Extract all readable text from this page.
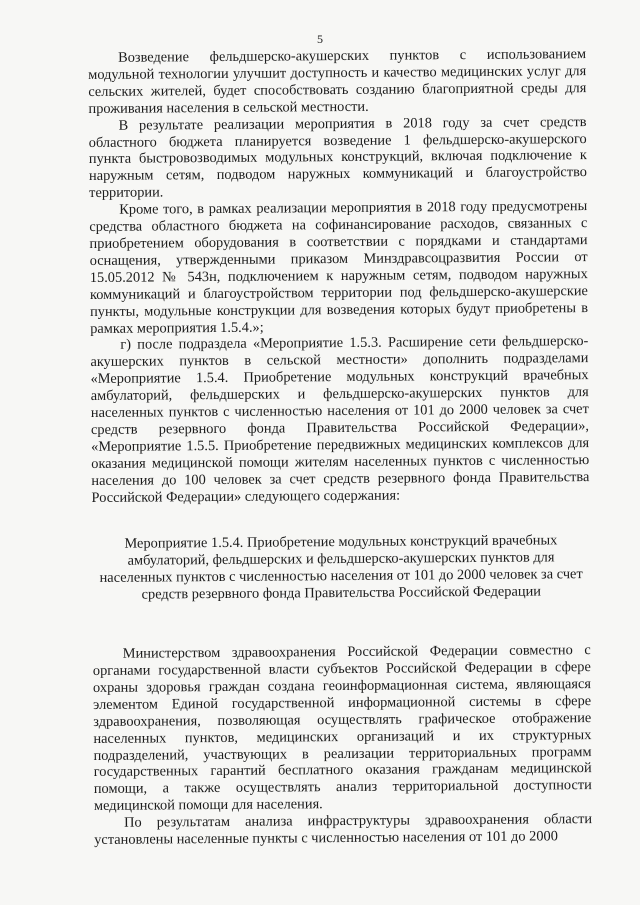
5

Возведение фельдшерско-акушерских пунктов с использованием модульной технологии улучшит доступность и качество медицинских услуг для сельских жителей, будет способствовать созданию благоприятной среды для проживания населения в сельской местности.

В результате реализации мероприятия в 2018 году за счет средств областного бюджета планируется возведение 1 фельдшерско-акушерского пункта быстровозводимых модульных конструкций, включая подключение к наружным сетям, подводом наружных коммуникаций и благоустройство территории.

Кроме того, в рамках реализации мероприятия в 2018 году предусмотрены средства областного бюджета на софинансирование расходов, связанных с приобретением оборудования в соответствии с порядками и стандартами оснащения, утвержденными приказом Минздравсоцразвития России от 15.05.2012 № 543н, подключением к наружным сетям, подводом наружных коммуникаций и благоустройством территории под фельдшерско-акушерские пункты, модульные конструкции для возведения которых будут приобретены в рамках мероприятия 1.5.4.»;

г) после подраздела «Мероприятие 1.5.3. Расширение сети фельдшерско-акушерских пунктов в сельской местности» дополнить подразделами «Мероприятие 1.5.4. Приобретение модульных конструкций врачебных амбулаторий, фельдшерских и фельдшерско-акушерских пунктов для населенных пунктов с численностью населения от 101 до 2000 человек за счет средств резервного фонда Правительства Российской Федерации», «Мероприятие 1.5.5. Приобретение передвижных медицинских комплексов для оказания медицинской помощи жителям населенных пунктов с численностью населения до 100 человек за счет средств резервного фонда Правительства Российской Федерации» следующего содержания:

Мероприятие 1.5.4. Приобретение модульных конструкций врачебных амбулаторий, фельдшерских и фельдшерско-акушерских пунктов для населенных пунктов с численностью населения от 101 до 2000 человек за счет средств резервного фонда Правительства Российской Федерации

Министерством здравоохранения Российской Федерации совместно с органами государственной власти субъектов Российской Федерации в сфере охраны здоровья граждан создана геоинформационная система, являющаяся элементом Единой государственной информационной системы в сфере здравоохранения, позволяющая осуществлять графическое отображение населенных пунктов, медицинских организаций и их структурных подразделений, участвующих в реализации территориальных программ государственных гарантий бесплатного оказания гражданам медицинской помощи, а также осуществлять анализ территориальной доступности медицинской помощи для населения.

По результатам анализа инфраструктуры здравоохранения области установлены населенные пункты с численностью населения от 101 до 2000
